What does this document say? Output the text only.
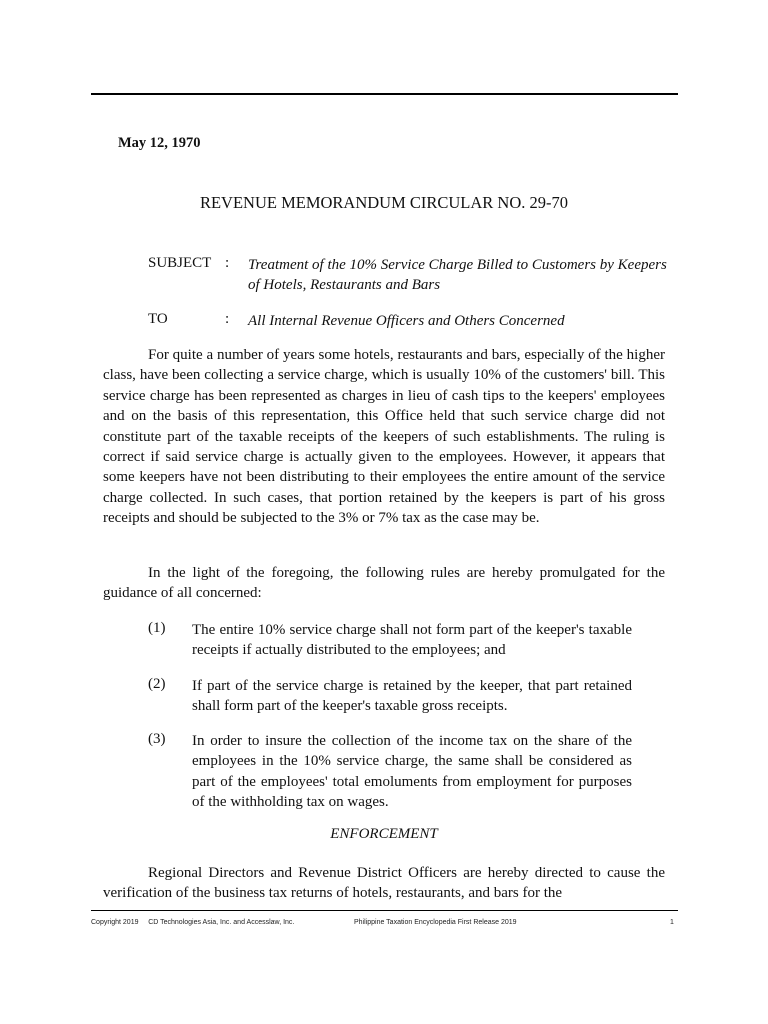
May 12, 1970
REVENUE MEMORANDUM CIRCULAR NO. 29-70
SUBJECT : Treatment of the 10% Service Charge Billed to Customers by Keepers of Hotels, Restaurants and Bars
TO	: All Internal Revenue Officers and Others Concerned
For quite a number of years some hotels, restaurants and bars, especially of the higher class, have been collecting a service charge, which is usually 10% of the customers' bill. This service charge has been represented as charges in lieu of cash tips to the keepers' employees and on the basis of this representation, this Office held that such service charge did not constitute part of the taxable receipts of the keepers of such establishments. The ruling is correct if said service charge is actually given to the employees. However, it appears that some keepers have not been distributing to their employees the entire amount of the service charge collected. In such cases, that portion retained by the keepers is part of his gross receipts and should be subjected to the 3% or 7% tax as the case may be.
In the light of the foregoing, the following rules are hereby promulgated for the guidance of all concerned:
(1) The entire 10% service charge shall not form part of the keeper's taxable receipts if actually distributed to the employees; and
(2) If part of the service charge is retained by the keeper, that part retained shall form part of the keeper's taxable gross receipts.
(3) In order to insure the collection of the income tax on the share of the employees in the 10% service charge, the same shall be considered as part of the employees' total emoluments from employment for purposes of the withholding tax on wages.
ENFORCEMENT
Regional Directors and Revenue District Officers are hereby directed to cause the verification of the business tax returns of hotels, restaurants, and bars for the
Copyright 2019     CD Technologies Asia, Inc. and Accesslaw, Inc.	Philippine Taxation Encyclopedia First Release 2019	1
